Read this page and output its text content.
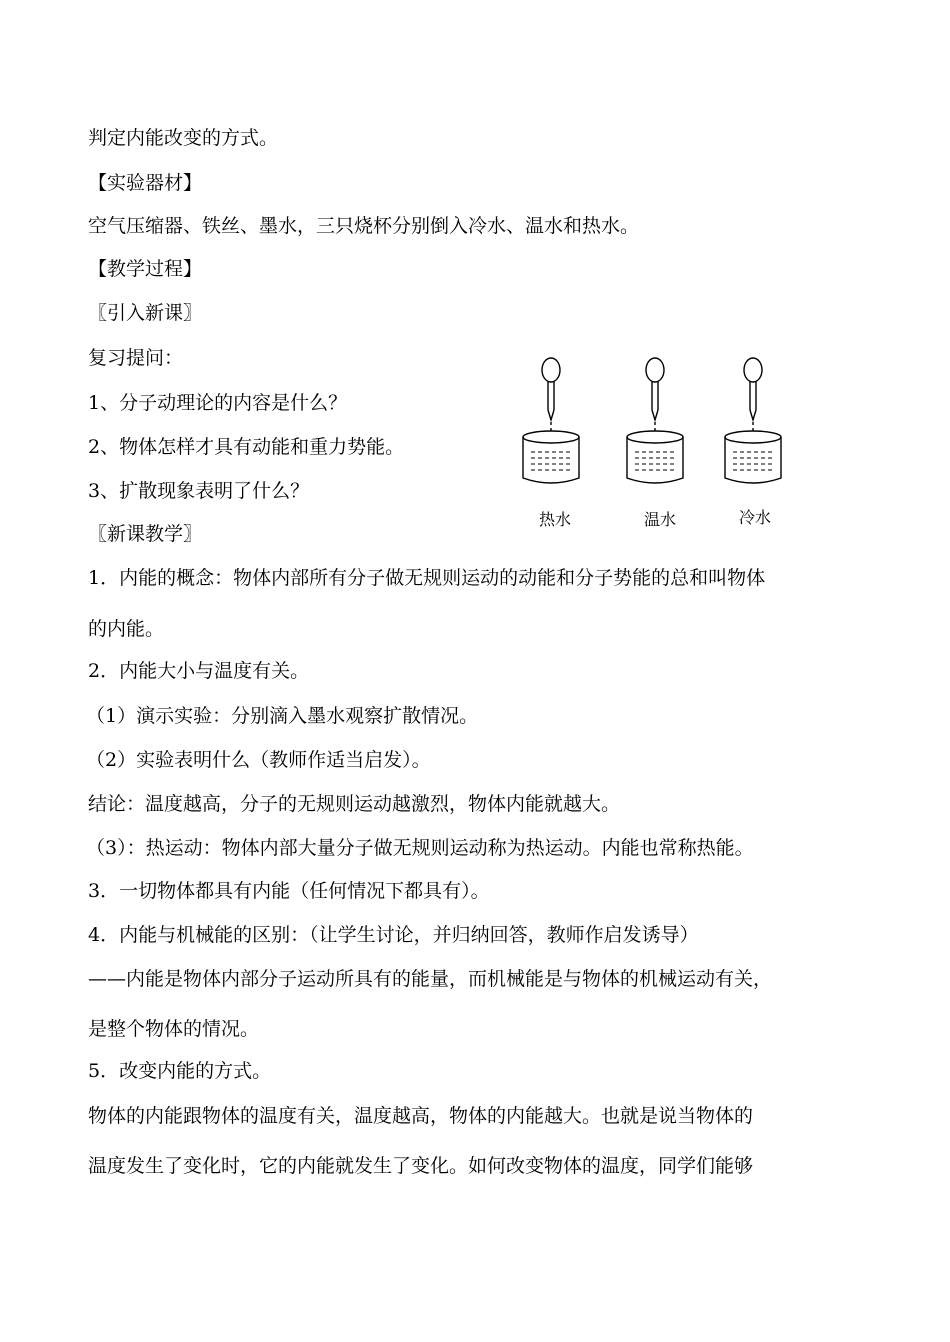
判定内能改变的方式。

【实验器材】

空气压缩器、铁丝、墨水，三只烧杯分别倒入冷水、温水和热水。

【教学过程】

〖引入新课〗

复习提问：

1、分子动理论的内容是什么？

2、物体怎样才具有动能和重力势能。

3、扩散现象表明了什么？

〖新课教学〗

1．内能的概念：物体内部所有分子做无规则运动的动能和分子势能的总和叫物体

的内能。

2．内能大小与温度有关。

（1）演示实验：分别滴入墨水观察扩散情况。

（2）实验表明什么（教师作适当启发）。

结论：温度越高，分子的无规则运动越激烈，物体内能就越大。

（3）：热运动：物体内部大量分子做无规则运动称为热运动。内能也常称热能。

3．一切物体都具有内能（任何情况下都具有）。

4．内能与机械能的区别：（让学生讨论，并归纳回答，教师作启发诱导）

——内能是物体内部分子运动所具有的能量，而机械能是与物体的机械运动有关，

是整个物体的情况。

5．改变内能的方式。

物体的内能跟物体的温度有关，温度越高，物体的内能越大。也就是说当物体的

温度发生了变化时，它的内能就发生了变化。如何改变物体的温度，同学们能够

热水	温水	冷水
